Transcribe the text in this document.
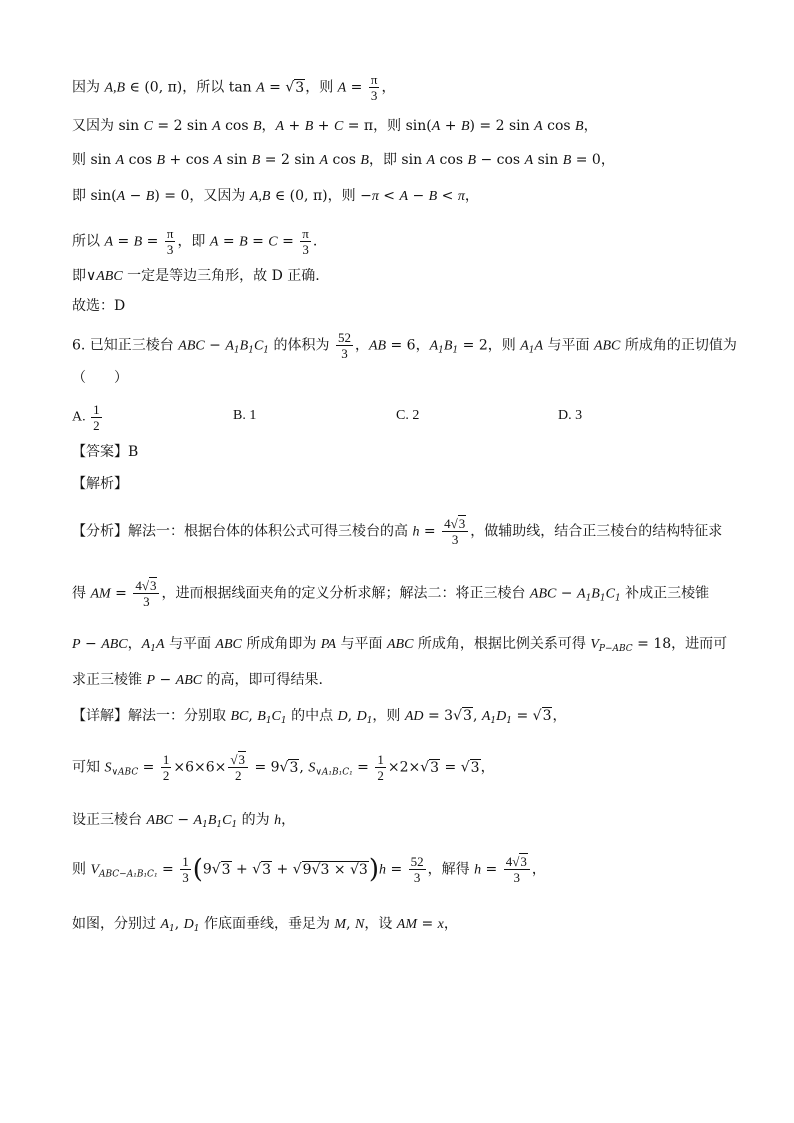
因为 A,B ∈ (0, π)，所以 tan A = √3，则 $A = \frac{\pi}{3}$ ，
又因为 sin C = 2 sin A cos B，A + B + C = π，则 sin(A + B) = 2 sin A cos B，
则 sin A cos B + cos A sin B = 2 sin A cos B，即 sin A cos B − cos A sin B = 0，
即 sin(A − B) = 0，又因为 A,B ∈ (0, π)，则 −π < A − B < π，
所以 $A = B = \frac{\pi}{3}$ ，即 $A = B = C = \frac{\pi}{3}$ .
即∨ABC 一定是等边三角形，故 D 正确.
故选：D
6. 已知正三棱台 ABC − $A_1B_1C_1$ 的体积为 $\frac{52}{3}$ ，AB = 6，$A_1B_1 = 2$，则 $A_1A$ 与平面 ABC 所成角的正切值为
（　　）
A. $\frac{1}{2}$	B. 1	C. 2	D. 3
【答案】B
【解析】
【分析】解法一：根据台体的体积公式可得三棱台的高 $h = \frac{4√3}{3}$ ，做辅助线，结合正三棱台的结构特征求
得 AM = $\frac{4√3}{3}$ ，进而根据线面夹角的定义分析求解；解法二：将正三棱台 ABC − $A_1B_1C_1$ 补成正三棱锥
P − ABC，$A_1A$ 与平面 ABC 所成角即为 PA 与平面 ABC 所成角，根据比例关系可得 $V_{P-ABC} = 18$，进而可
求正三棱锥 P − ABC 的高，即可得结果.
【详解】解法一：分别取 BC, $B_1C_1$ 的中点 D, $D_1$，则 AD = 3√3, $A_1D_1 = √3$，
可知 $S_{\vee ABC} = \frac{1}{2} \times 6\times 6\times \frac{√3}{2} = 9√3$, $S_{\vee A_1B_1C_1} = \frac{1}{2} \times 2\times√3 = √3$，
设正三棱台 ABC − $A_1B_1C_1$ 的为 h，
则 $V_{ABC-A_1B_1C_1} = \frac{1}{3} (9√3 + √3 + √9√3 \times √3)h = \frac{52}{3}$ ，解得 $h = \frac{4√3}{3}$ ，
如图，分别过 $A_1$, $D_1$ 作底面垂线，垂足为 M, N，设 AM = x，
